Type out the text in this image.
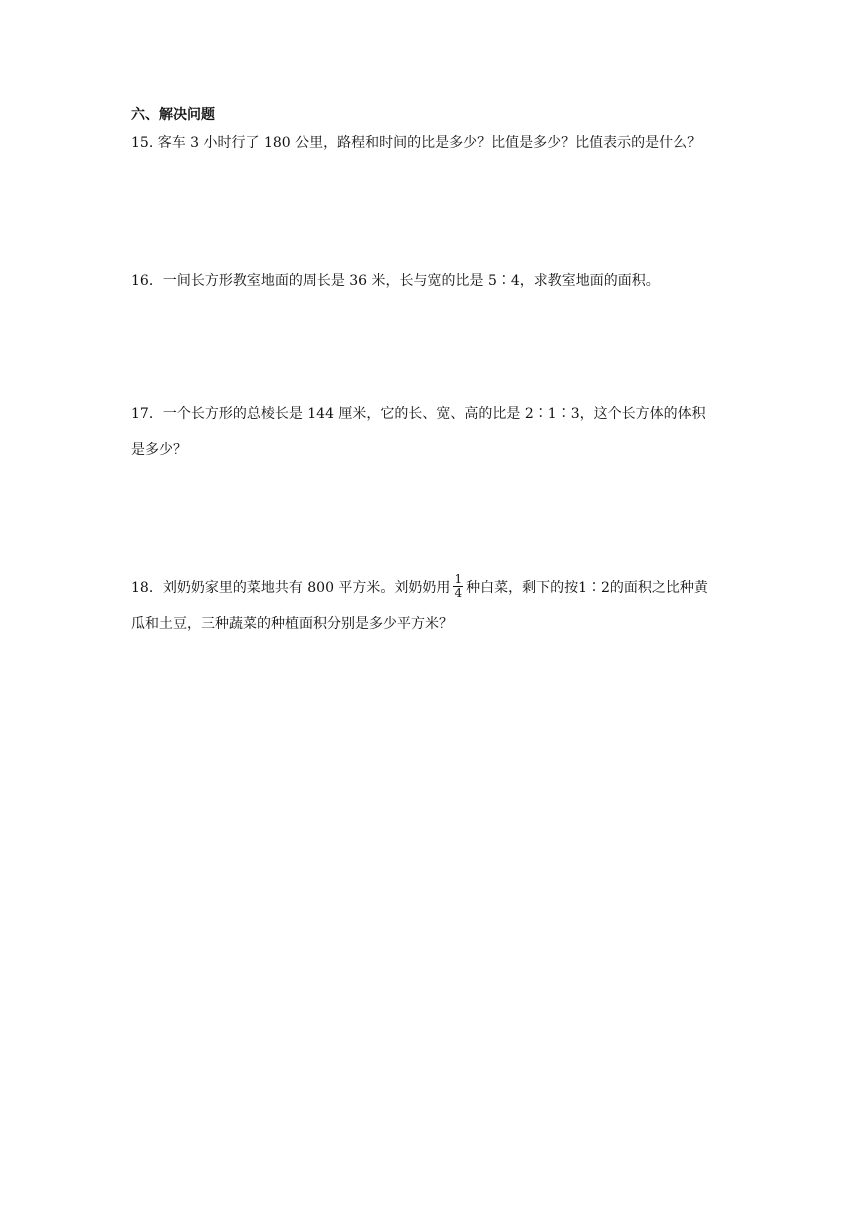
六、解决问题
15. 客车 3 小时行了 180 公里，路程和时间的比是多少？比值是多少？比值表示的是什么？
16．一间长方形教室地面的周长是 36 米，长与宽的比是 5∶4，求教室地面的面积。
17．一个长方形的总棱长是 144 厘米，它的长、宽、高的比是 2∶1∶3，这个长方体的体积
是多少？
18．刘奶奶家里的菜地共有 800 平方米。刘奶奶用 $\frac{1}{4}$ 种白菜，剩下的按1∶2的面积之比种黄
瓜和土豆，三种蔬菜的种植面积分别是多少平方米？
